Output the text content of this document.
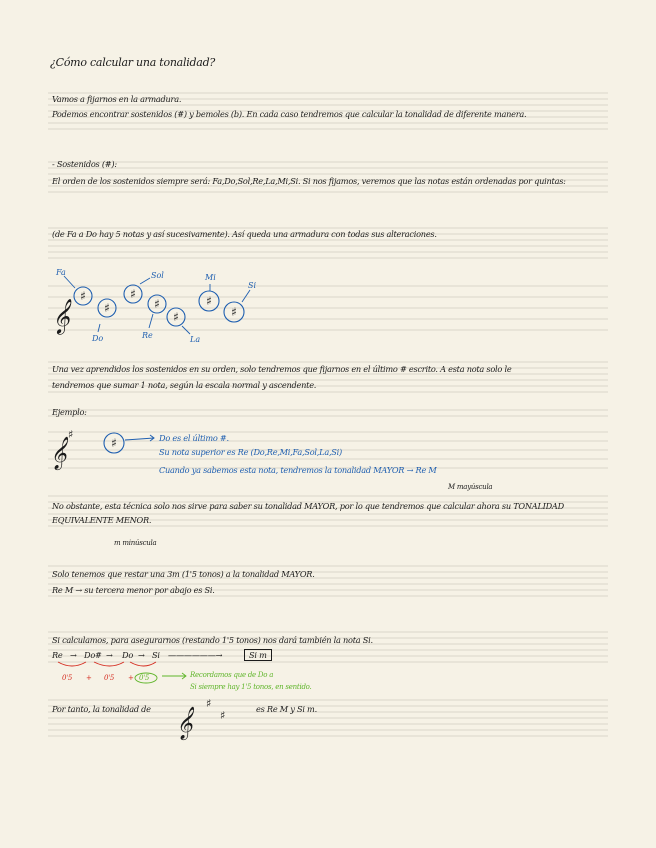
¿Cómo calcular una tonalidad?
Vamos a fijarnos en la armadura.
Podemos encontrar sostenidos (#) y bemoles (b). En cada caso tendremos que calcular la tonalidad de diferente manera.
- Sostenidos (#):
El orden de los sostenidos siempre será: Fa,Do,Sol,Re,La,Mi,Si. Si nos fijamos, veremos que las notas están ordenadas por quintas:
(de Fa a Do hay 5 notas y así sucesivamente). Así queda una armadura con todas sus alteraciones.
𝄞
♯
♯
♯
♯
♯
♯
♯
Fa
Do
Sol
Re	La
Mi
Si
Una vez aprendidos los sostenidos en su orden, solo tendremos que fijarnos en el último # escrito. A esta nota solo le
tendremos que sumar 1 nota, según la escala normal y ascendente.
Ejemplo:
𝄞
♯
♯	Do es el último #.
Su nota superior es Re (Do,Re,Mi,Fa,Sol,La,Si)
Cuando ya sabemos esta nota, tendremos la tonalidad MAYOR → Re M
M mayúscula
No obstante, esta técnica solo nos sirve para saber su tonalidad MAYOR, por lo que tendremos que calcular ahora su TONALIDAD
EQUIVALENTE MENOR.
m minúscula
Solo tenemos que restar una 3m (1'5 tonos) a la tonalidad MAYOR.
Re M → su tercera menor por abajo es Si.
Si calculamos, para asegurarnos (restando 1'5 tonos) nos dará también la nota Si.
Re → Do# → Do → Si ——————→	Si m
0'5 + 0'5 + 0'5	Recordamos que de Do a
Si siempre hay 1'5 tonos, en sentido.
Por tanto, la tonalidad de 𝄞
♯
♯	es Re M y Si m.
